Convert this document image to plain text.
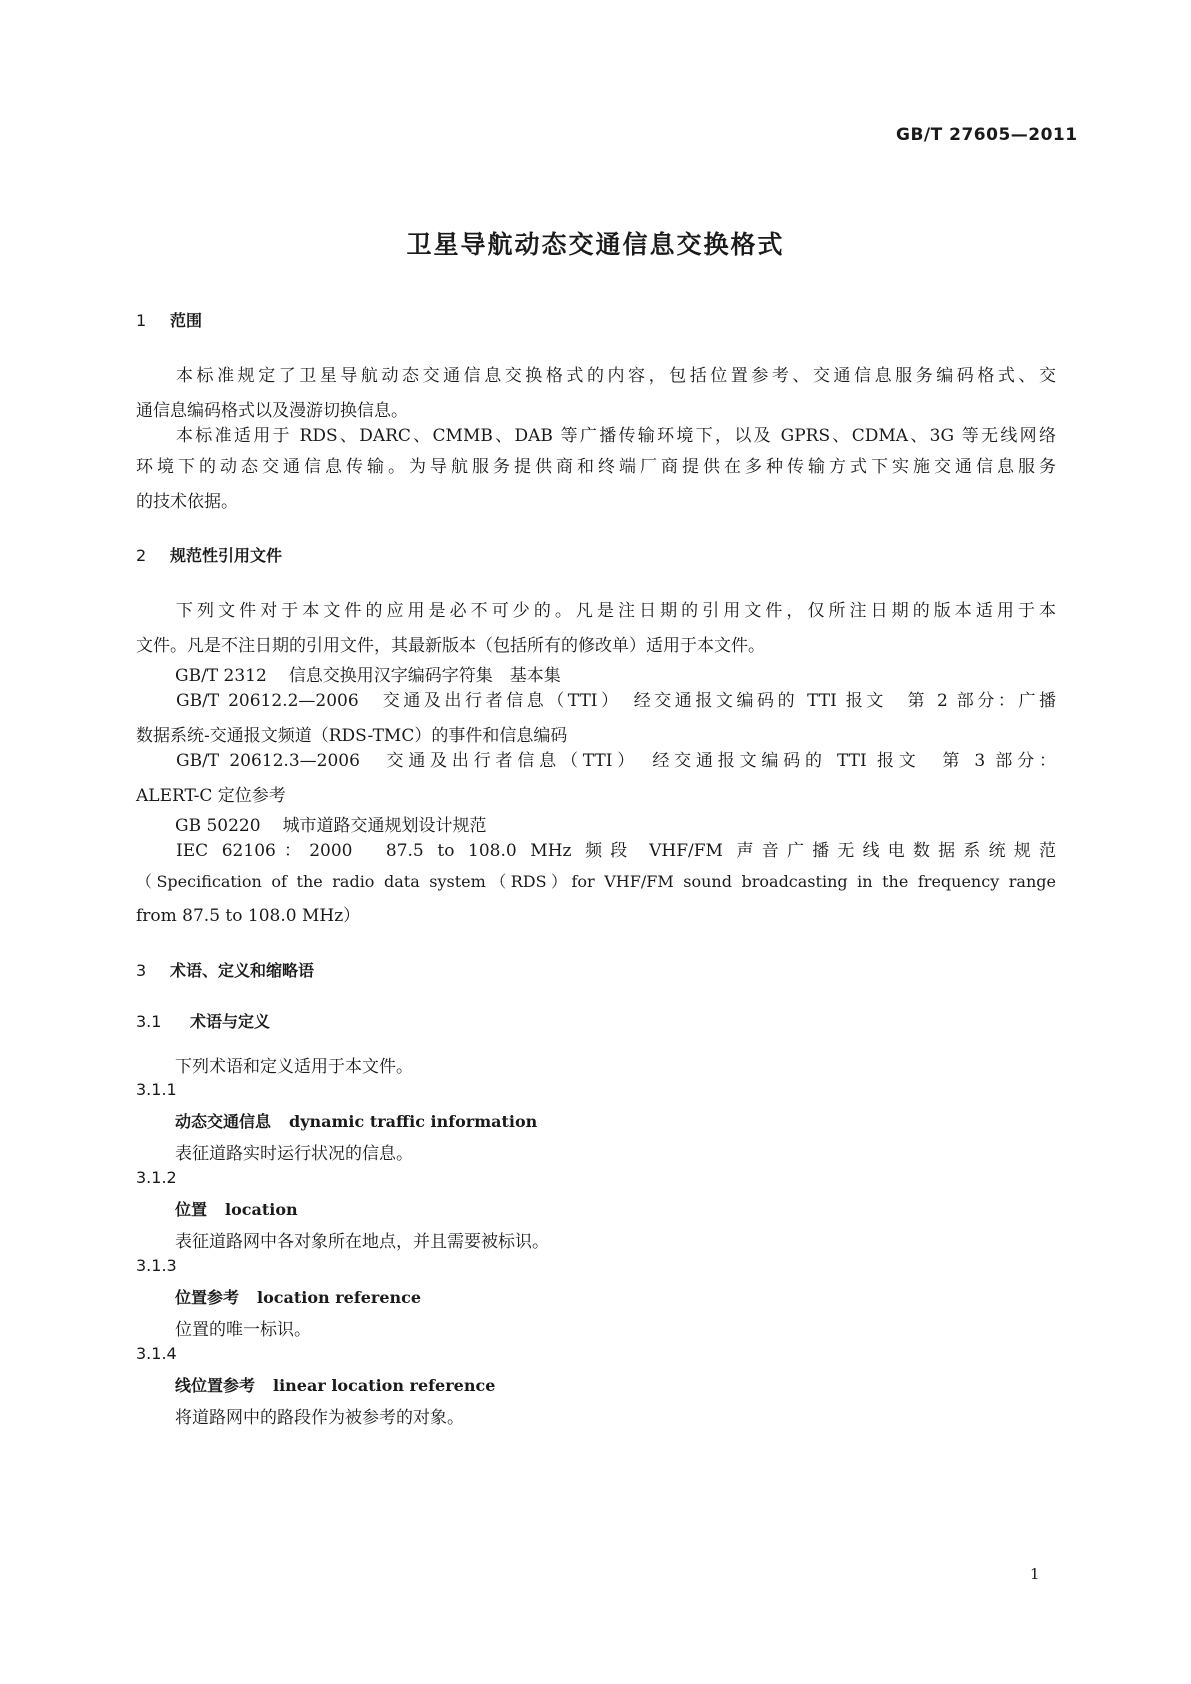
GB/T 27605—2011
卫星导航动态交通信息交换格式
1 范围
本标准规定了卫星导航动态交通信息交换格式的内容，包括位置参考、交通信息服务编码格式、交
通信息编码格式以及漫游切换信息。
本标准适用于 RDS、DARC、CMMB、DAB 等广播传输环境下，以及 GPRS、CDMA、3G 等无线网络
环境下的动态交通信息传输。为导航服务提供商和终端厂商提供在多种传输方式下实施交通信息服务
的技术依据。
2 规范性引用文件
下列文件对于本文件的应用是必不可少的。凡是注日期的引用文件，仅所注日期的版本适用于本
文件。凡是不注日期的引用文件，其最新版本（包括所有的修改单）适用于本文件。
GB/T 2312 信息交换用汉字编码字符集　基本集
GB/T 20612.2—2006　交通及出行者信息（TTI）　经交通报文编码的 TTI 报文　第 2 部分：广播
数据系统-交通报文频道（RDS-TMC）的事件和信息编码
GB/T 20612.3—2006　交通及出行者信息（TTI）　经交通报文编码的 TTI 报文　第 3 部分：
ALERT-C 定位参考
GB 50220 城市道路交通规划设计规范
IEC 62106：2000　87.5 to 108.0 MHz 频段 VHF/FM 声音广播无线电数据系统规范
（Specification of the radio data system（RDS）for VHF/FM sound broadcasting in the frequency range
from 87.5 to 108.0 MHz）
3 术语、定义和缩略语
3.1 术语与定义
下列术语和定义适用于本文件。
3.1.1
动态交通信息 dynamic traffic information
表征道路实时运行状况的信息。
3.1.2
位置 location
表征道路网中各对象所在地点，并且需要被标识。
3.1.3
位置参考 location reference
位置的唯一标识。
3.1.4
线位置参考 linear location reference
将道路网中的路段作为被参考的对象。
1
